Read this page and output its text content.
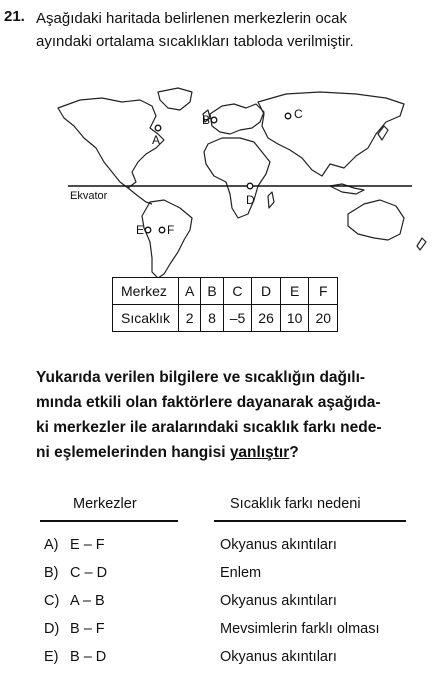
21. Aşağıdaki haritada belirlenen merkezlerin ocak
ayındaki ortalama sıcaklıkları tabloda verilmiştir.
A
B	C
D
E F
Ekvator
Merkez	A	B	C	D	E	F
Sıcaklık	2	8	–5	26	10	20
Yukarıda verilen bilgilere ve sıcaklığın dağılı-
mında etkili olan faktörlere dayanarak aşağıda-
ki merkezler ile aralarındaki sıcaklık farkı nede-
ni eşlemelerinden hangisi yanlıştır?
Merkezler	Sıcaklık farkı nedeni
A) E – F	Okyanus akıntıları
B) C – D	Enlem
C) A – B	Okyanus akıntıları
D) B – F	Mevsimlerin farklı olması
E) B – D	Okyanus akıntıları
